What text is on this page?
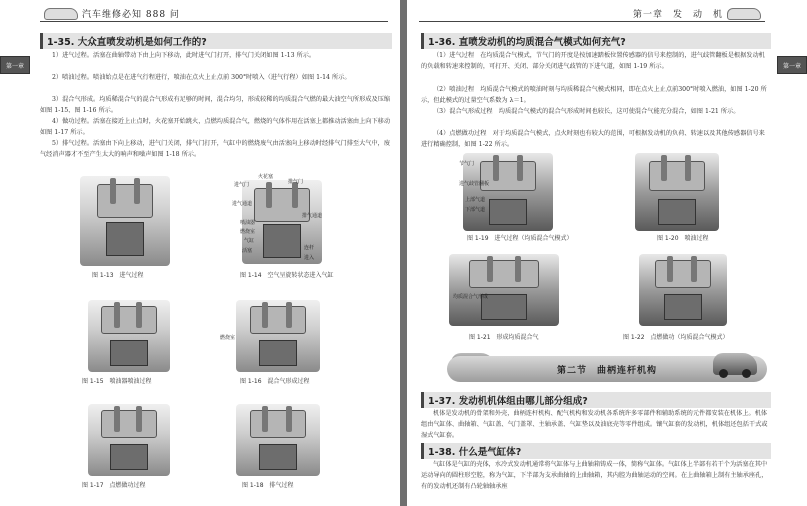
汽车维修必知 888 问
第一章
1-35. 大众直喷发动机是如何工作的?
1）进气过程。活塞在曲轴带动下由上向下移动，此时进气门打开，排气门关闭如图 1-13 所示。
2）喷油过程。喷油始点是在进气行程进行，喷油在点火上止点前 300°时喷入（进气行程）如图 1-14 所示。
3）混合气形成。均质稀混合气的混合气形成有足够的时间，混合均匀，形成较稀的均质混合气燃的最大油空气所形成及压缩如图 1-15、图 1-16 所示。
4）做功过程。活塞在接近上止点时，火花塞开始跳火，点燃均质混合气，燃烧的气体作用在活塞上都推动活塞由上向下移动如图 1-17 所示。
5）排气过程。活塞由下向上移动，进气门关闭，排气门打开，气缸中的燃烧废气由活塞向上移动时经排气门排至大气中，废气经消声器才不至产生太大的响声和噪声如图 1-18 所示。
图 1-13　进气过程
进气门
火花塞
排气门
进气通道
喷油器
燃烧室
气缸
排气通道
活塞	连杆
进入
图 1-14　空气呈旋转状态进入气缸
图 1-15　喷油器喷油过程
燃烧室
图 1-16　混合气形成过程
图 1-17　点燃做功过程	图 1-18　排气过程
第一章　发　动　机
第一章
1-36. 直喷发动机的均质混合气模式如何充气?
（1）进气过程　在均质混合气模式，节气门的开度是按加速踏板位置传感器的信号来控制的，进气歧管翻板是根据发动机的负载和转速来控制的，可打开、关闭、部分关闭进气歧管的下进气道，如图 1-19 所示。
（2）喷油过程　均质混合气模式的喷油时刻与均质稀混合气模式相同，即在点火上止点前300°时喷入燃油，如图 1-20 所示，但此模式的过量空气系数为 λ＝1。
（3）混合气形成过程　均质混合气模式的混合气形成时间也较长，这可使混合气能充分混合，如图 1-21 所示。
（4）点燃做功过程　对于均质混合气模式，点火时刻也有较大的范围，可根据发动机的负荷、转速以及其他传感器信号来进行精确控制，如图 1-22 所示。
节气门
进气歧管翻板
上部气道
下部气道
图 1-19　进气过程（均质混合气模式）	图 1-20　喷油过程
均质混合气形成
图 1-21　形成均质混合气	图 1-22　点燃做功（均质混合气模式）
第二节　曲柄连杆机构
1-37. 发动机机体组由哪儿部分组成?
机体是发动机的骨架和外壳，曲柄连杆机构、配气机构和发动机各系统许多零部件和辅助系统的元件都安装在机体上。机体组由气缸体、曲轴箱、气缸盖、气门盖罩、主轴承盖、气缸垫以及油底壳等零件组成。镶气缸套的发动机，机体组还包括干式或湿式气缸套。
1-38. 什么是气缸体?
气缸体是气缸的壳体，水冷式发动机通常将气缸体与上曲轴箱铸成一体，简称气缸体。气缸体上半部有若干个为活塞在其中运动导向的圆柱形空腔，称为气缸，下半部为支承曲轴的上曲轴箱，其内腔为曲轴运动的空间。在上曲轴箱上制有主轴承座孔，有的发动机还制有凸轮轴轴承座
